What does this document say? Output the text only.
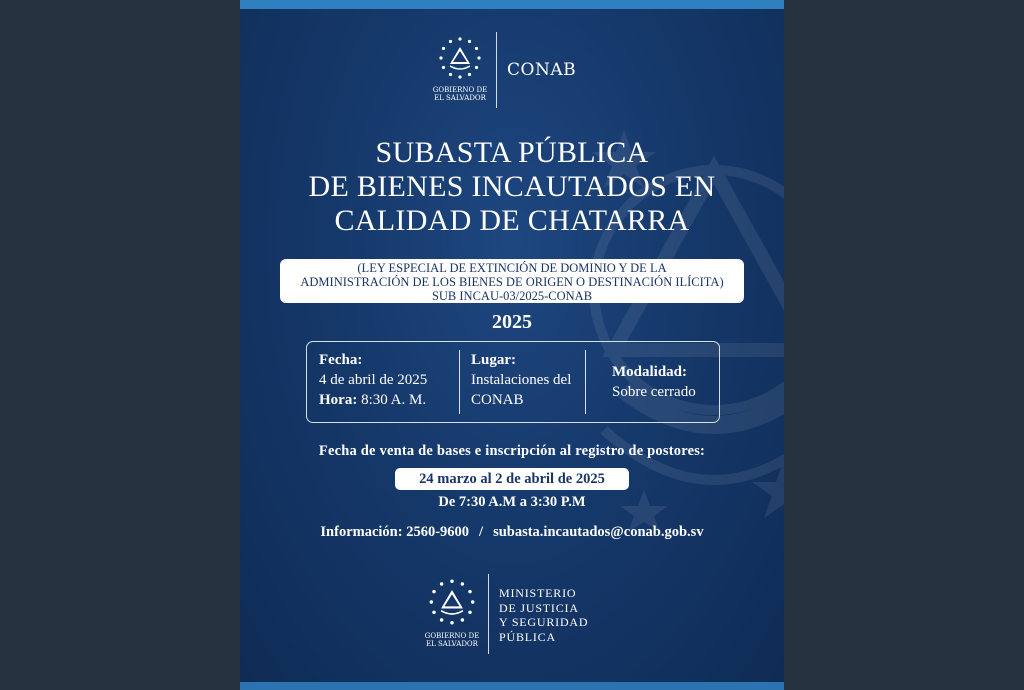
GOBIERNO DE
EL SALVADOR
CONAB
SUBASTA PÚBLICA
DE BIENES INCAUTADOS EN
CALIDAD DE CHATARRA
(LEY ESPECIAL DE EXTINCIÓN DE DOMINIO Y DE LA
ADMINISTRACIÓN DE LOS BIENES DE ORIGEN O DESTINACIÓN ILÍCITA)
SUB INCAU-03/2025-CONAB
2025
Fecha:
4 de abril de 2025
Hora: 8:30 A. M.
Lugar:
Instalaciones del
CONAB
Modalidad:
Sobre cerrado
Fecha de venta de bases e inscripción al registro de postores:
24 marzo al 2 de abril de 2025
De 7:30 A.M a 3:30 P.M
Información: 2560-9600 / subasta.incautados@conab.gob.sv
GOBIERNO DE
EL SALVADOR
MINISTERIO
DE JUSTICIA
Y SEGURIDAD
PÚBLICA
